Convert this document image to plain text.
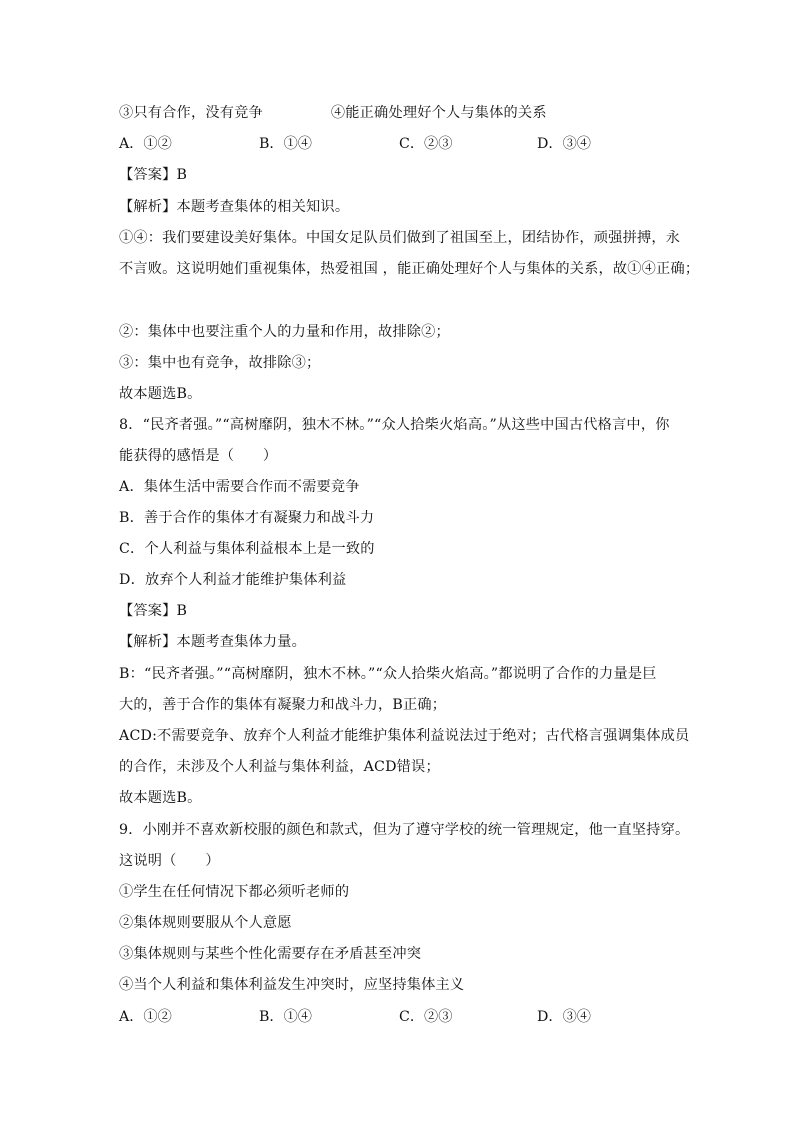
③只有合作，没有竞争	④能正确处理好个人与集体的关系
A．①②	B．①④	C．②③	D．③④
【答案】B
【解析】本题考查集体的相关知识。
①④：我们要建设美好集体。中国女足队员们做到了祖国至上，团结协作，顽强拼搏，永
不言败。这说明她们重视集体，热爱祖国 ，能正确处理好个人与集体的关系，故①④正确；
②：集体中也要注重个人的力量和作用，故排除②；
③：集中也有竞争，故排除③；
故本题选B。
8．“民齐者强。”“高树靡阴，独木不林。”“众人拾柴火焰高。”从这些中国古代格言中，你
能获得的感悟是（　　）
A．集体生活中需要合作而不需要竞争
B．善于合作的集体才有凝聚力和战斗力
C．个人利益与集体利益根本上是一致的
D．放弃个人利益才能维护集体利益
【答案】B
【解析】本题考查集体力量。
B：“民齐者强。”“高树靡阴，独木不林。”“众人拾柴火焰高。”都说明了合作的力量是巨
大的，善于合作的集体有凝聚力和战斗力，B正确；
ACD:不需要竞争、放弃个人利益才能维护集体利益说法过于绝对；古代格言强调集体成员
的合作，未涉及个人利益与集体利益，ACD错误；
故本题选B。
9．小刚并不喜欢新校服的颜色和款式，但为了遵守学校的统一管理规定，他一直坚持穿。
这说明（　　）
①学生在任何情况下都必须听老师的
②集体规则要服从个人意愿
③集体规则与某些个性化需要存在矛盾甚至冲突
④当个人利益和集体利益发生冲突时，应坚持集体主义
A．①②	B．①④	C．②③	D．③④
